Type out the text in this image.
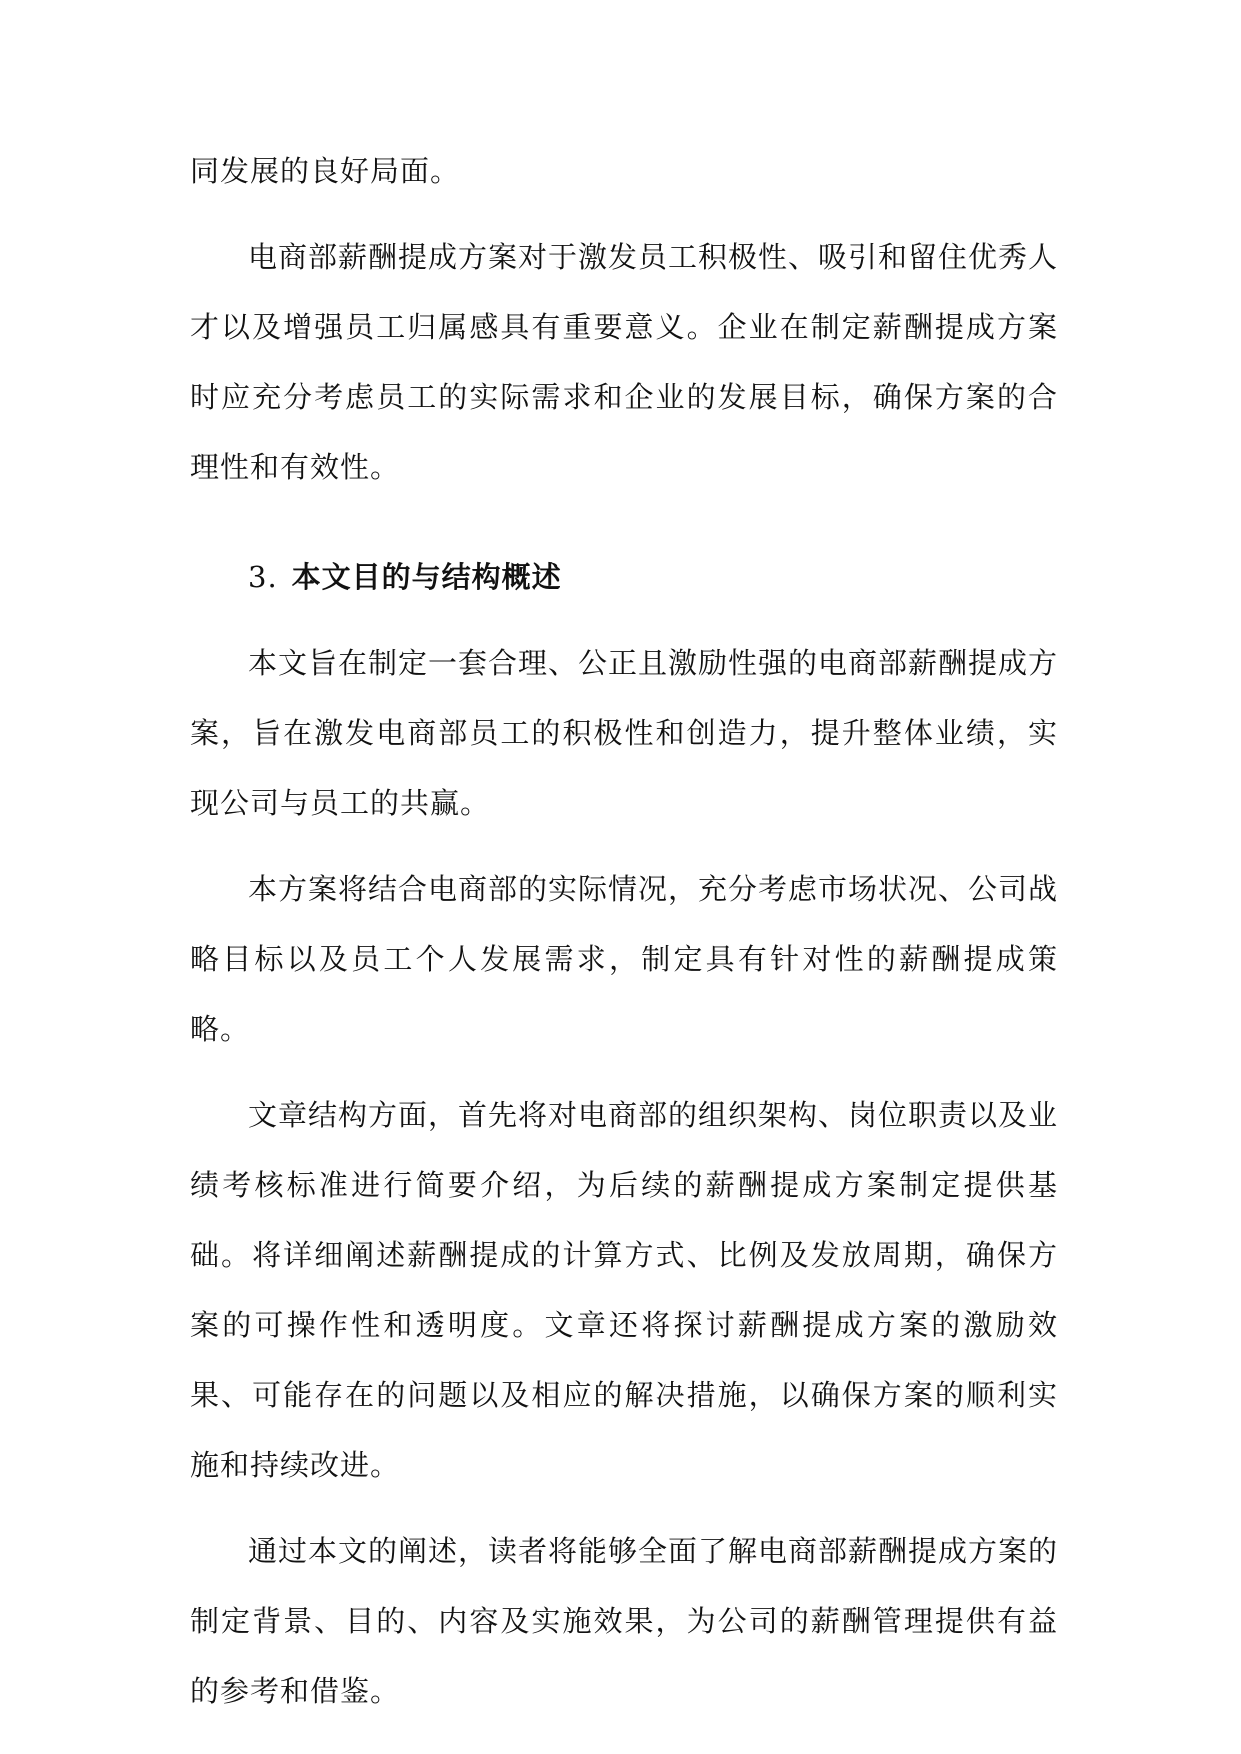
同发展的良好局面。

电商部薪酬提成方案对于激发员工积极性、吸引和留住优秀人才以及增强员工归属感具有重要意义。企业在制定薪酬提成方案时应充分考虑员工的实际需求和企业的发展目标，确保方案的合理性和有效性。

3. 本文目的与结构概述

本文旨在制定一套合理、公正且激励性强的电商部薪酬提成方案，旨在激发电商部员工的积极性和创造力，提升整体业绩，实现公司与员工的共赢。

本方案将结合电商部的实际情况，充分考虑市场状况、公司战略目标以及员工个人发展需求，制定具有针对性的薪酬提成策略。

文章结构方面，首先将对电商部的组织架构、岗位职责以及业绩考核标准进行简要介绍，为后续的薪酬提成方案制定提供基础。将详细阐述薪酬提成的计算方式、比例及发放周期，确保方案的可操作性和透明度。文章还将探讨薪酬提成方案的激励效果、可能存在的问题以及相应的解决措施，以确保方案的顺利实施和持续改进。

通过本文的阐述，读者将能够全面了解电商部薪酬提成方案的制定背景、目的、内容及实施效果，为公司的薪酬管理提供有益的参考和借鉴。
